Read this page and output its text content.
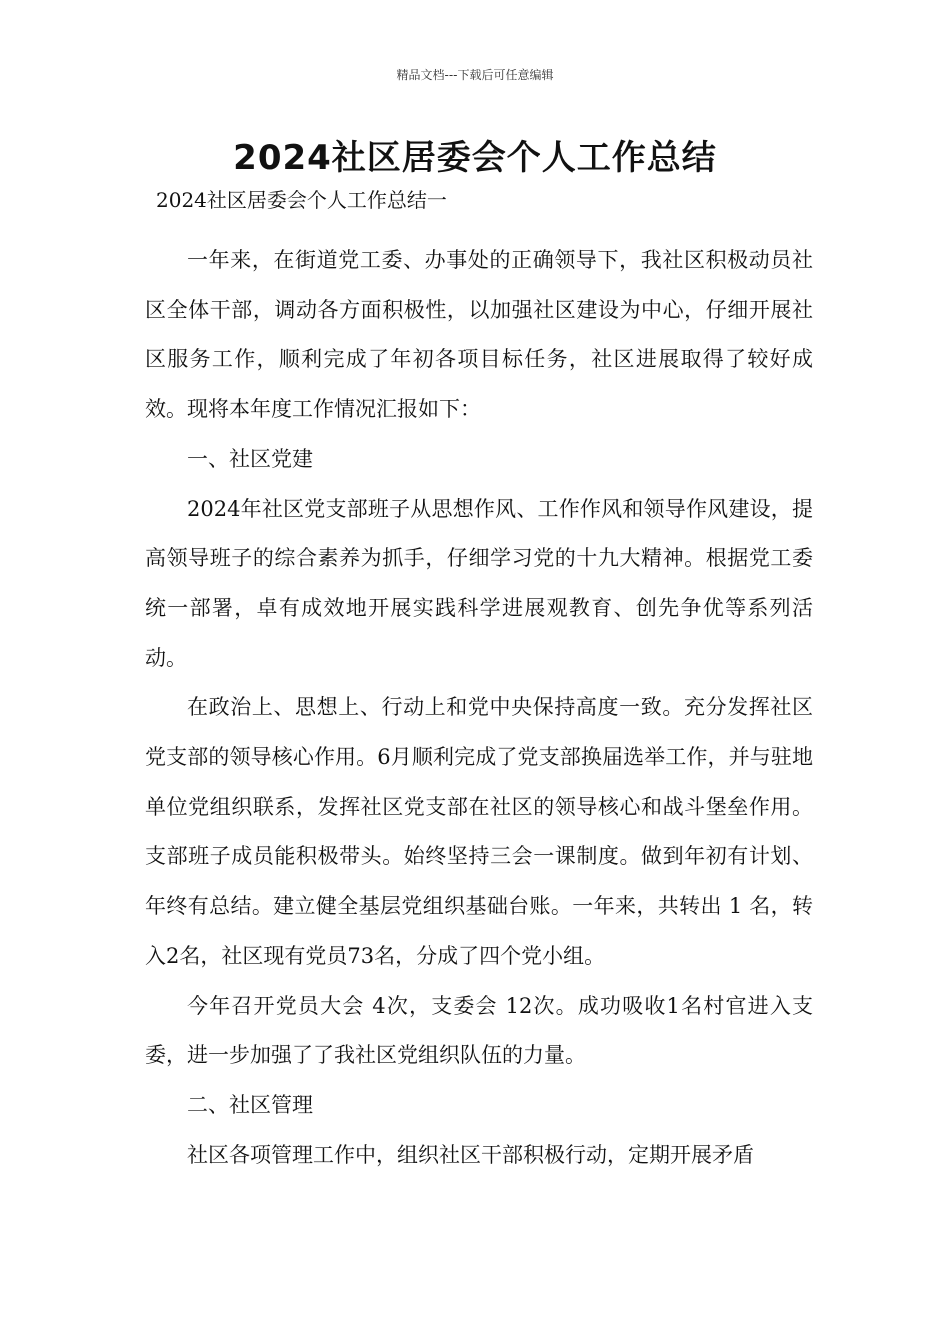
精品文档---下载后可任意编辑
2024社区居委会个人工作总结
2024社区居委会个人工作总结一

一年来，在街道党工委、办事处的正确领导下，我社区积极动员社区全体干部，调动各方面积极性，以加强社区建设为中心，仔细开展社区服务工作，顺利完成了年初各项目标任务，社区进展取得了较好成效。现将本年度工作情况汇报如下：

一、社区党建

2024年社区党支部班子从思想作风、工作作风和领导作风建设，提高领导班子的综合素养为抓手，仔细学习党的十九大精神。根据党工委统一部署，卓有成效地开展实践科学进展观教育、创先争优等系列活动。

在政治上、思想上、行动上和党中央保持高度一致。充分发挥社区党支部的领导核心作用。6月顺利完成了党支部换届选举工作，并与驻地单位党组织联系，发挥社区党支部在社区的领导核心和战斗堡垒作用。支部班子成员能积极带头。始终坚持三会一课制度。做到年初有计划、年终有总结。建立健全基层党组织基础台账。一年来，共转出 1 名，转入2名，社区现有党员73名，分成了四个党小组。

今年召开党员大会 4次，支委会 12次。成功吸收1名村官进入支委，进一步加强了了我社区党组织队伍的力量。

二、社区管理

社区各项管理工作中，组织社区干部积极行动，定期开展矛盾
